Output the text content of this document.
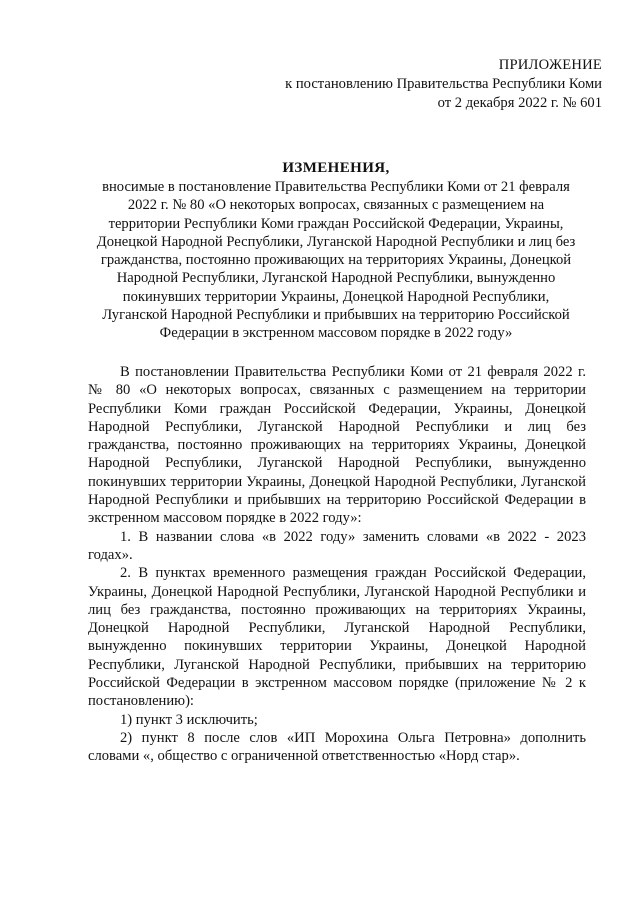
ПРИЛОЖЕНИЕ
к постановлению Правительства Республики Коми
от 2 декабря 2022 г. № 601
ИЗМЕНЕНИЯ,
вносимые в постановление Правительства Республики Коми от 21 февраля 2022 г. № 80 «О некоторых вопросах, связанных с размещением на территории Республики Коми граждан Российской Федерации, Украины, Донецкой Народной Республики, Луганской Народной Республики и лиц без гражданства, постоянно проживающих на территориях Украины, Донецкой Народной Республики, Луганской Народной Республики, вынужденно покинувших территории Украины, Донецкой Народной Республики, Луганской Народной Республики и прибывших на территорию Российской Федерации в экстренном массовом порядке в 2022 году»

В постановлении Правительства Республики Коми от 21 февраля 2022 г. № 80 «О некоторых вопросах, связанных с размещением на территории Республики Коми граждан Российской Федерации, Украины, Донецкой Народной Республики, Луганской Народной Республики и лиц без гражданства, постоянно проживающих на территориях Украины, Донецкой Народной Республики, Луганской Народной Республики, вынужденно покинувших территории Украины, Донецкой Народной Республики, Луганской Народной Республики и прибывших на территорию Российской Федерации в экстренном массовом порядке в 2022 году»:

1. В названии слова «в 2022 году» заменить словами «в 2022 - 2023 годах».

2. В пунктах временного размещения граждан Российской Федерации, Украины, Донецкой Народной Республики, Луганской Народной Республики и лиц без гражданства, постоянно проживающих на территориях Украины, Донецкой Народной Республики, Луганской Народной Республики, вынужденно покинувших территории Украины, Донецкой Народной Республики, Луганской Народной Республики, прибывших на территорию Российской Федерации в экстренном массовом порядке (приложение № 2 к постановлению):

1) пункт 3 исключить;

2) пункт 8 после слов «ИП Морохина Ольга Петровна» дополнить словами «, общество с ограниченной ответственностью «Норд стар».
